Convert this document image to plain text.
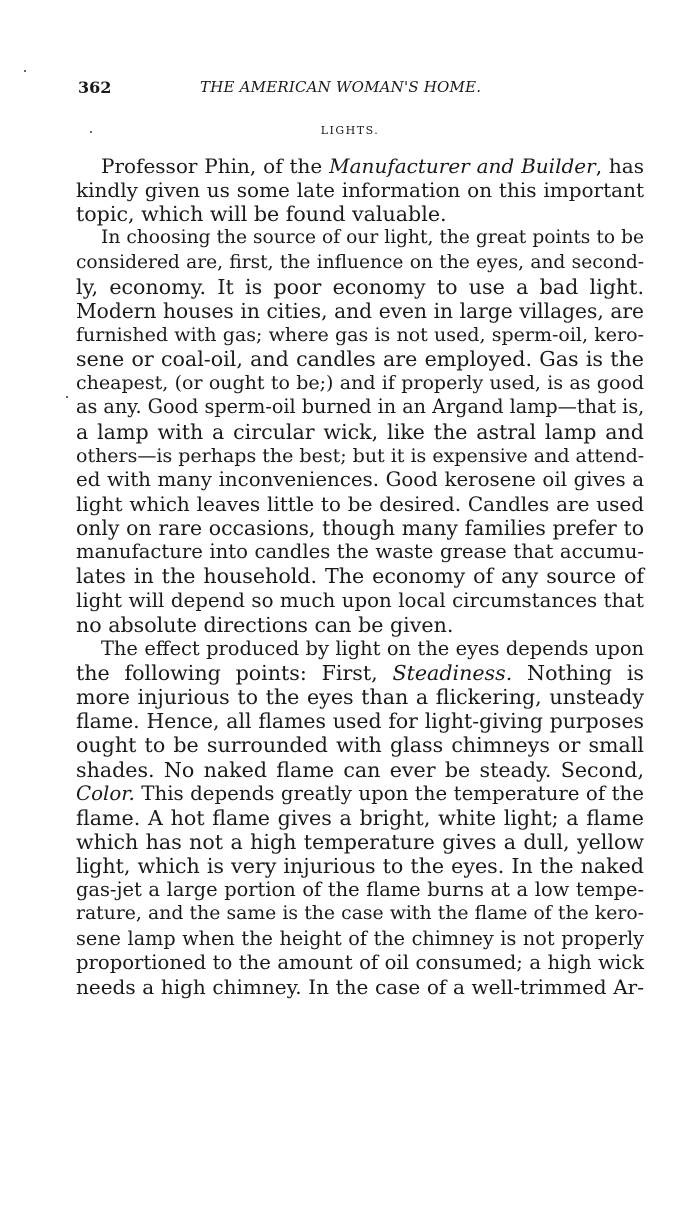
362	THE AMERICAN WOMAN'S HOME.
LIGHTS.
Professor Phin, of the Manufacturer and Builder, has
kindly given us some late information on this important
topic, which will be found valuable.
In choosing the source of our light, the great points to be
considered are, first, the influence on the eyes, and second-
ly, economy. It is poor economy to use a bad light.
Modern houses in cities, and even in large villages, are
furnished with gas; where gas is not used, sperm-oil, kero-
sene or coal-oil, and candles are employed. Gas is the
cheapest, (or ought to be;) and if properly used, is as good
as any. Good sperm-oil burned in an Argand lamp—that is,
a lamp with a circular wick, like the astral lamp and
others—is perhaps the best; but it is expensive and attend-
ed with many inconveniences. Good kerosene oil gives a
light which leaves little to be desired. Candles are used
only on rare occasions, though many families prefer to
manufacture into candles the waste grease that accumu-
lates in the household. The economy of any source of
light will depend so much upon local circumstances that
no absolute directions can be given.
The effect produced by light on the eyes depends upon
the following points: First, Steadiness. Nothing is
more injurious to the eyes than a flickering, unsteady
flame. Hence, all flames used for light-giving purposes
ought to be surrounded with glass chimneys or small
shades. No naked flame can ever be steady. Second,
Color. This depends greatly upon the temperature of the
flame. A hot flame gives a bright, white light; a flame
which has not a high temperature gives a dull, yellow
light, which is very injurious to the eyes. In the naked
gas-jet a large portion of the flame burns at a low tempe-
rature, and the same is the case with the flame of the kero-
sene lamp when the height of the chimney is not properly
proportioned to the amount of oil consumed; a high wick
needs a high chimney. In the case of a well-trimmed Ar-
